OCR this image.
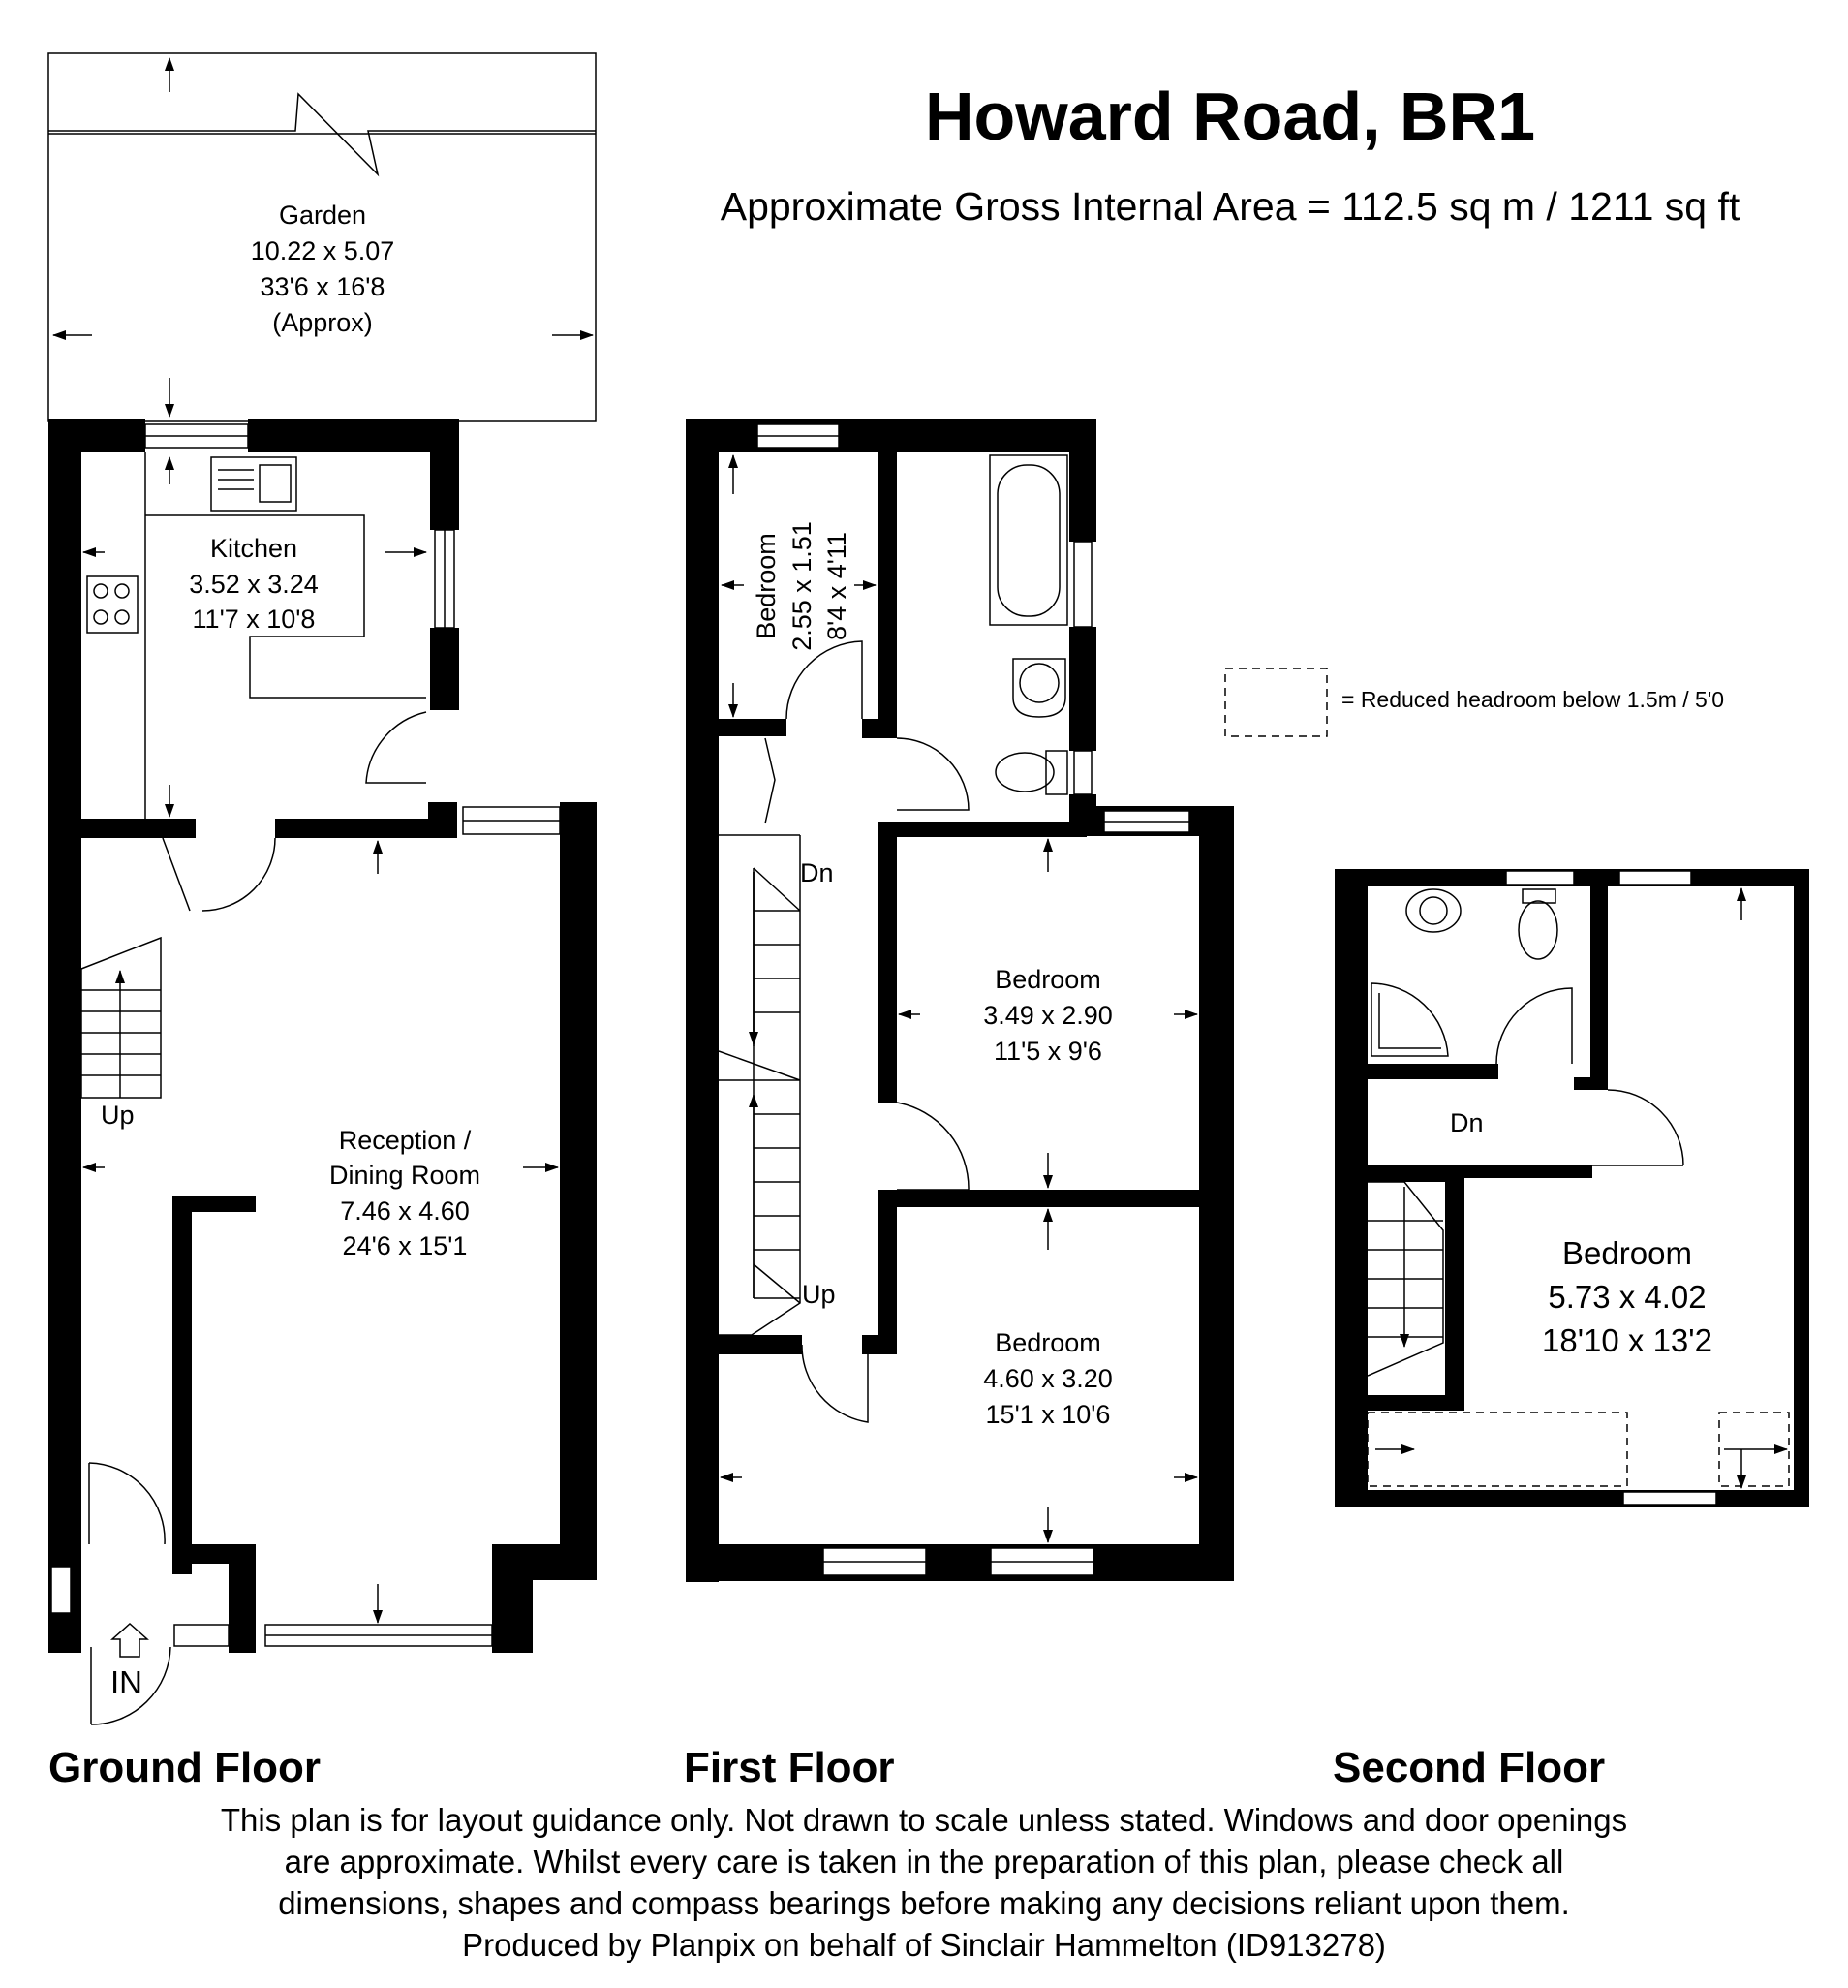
Garden
10.22 x 5.07
33'6 x 16'8
(Approx)
Kitchen
3.52 x 3.24
11'7 x 10'8
Reception /
Dining Room
7.46 x 4.60
24'6 x 15'1
Up
IN
Bedroom 2.55 x 1.51 8'4 x 4'11
Bedroom
3.49 x 2.90
11'5 x 9'6
Bedroom
4.60 x 3.20
15'1 x 10'6
Dn
Up
= Reduced headroom below 1.5m / 5'0
Bedroom
5.73 x 4.02
18'10 x 13'2
Dn
Howard Road, BR1
Approximate Gross Internal Area = 112.5 sq m / 1211 sq ft
Ground Floor	First Floor	Second Floor
This plan is for layout guidance only. Not drawn to scale unless stated. Windows and door openings
are approximate. Whilst every care is taken in the preparation of this plan, please check all
dimensions, shapes and compass bearings before making any decisions reliant upon them.
Produced by Planpix on behalf of Sinclair Hammelton (ID913278)
